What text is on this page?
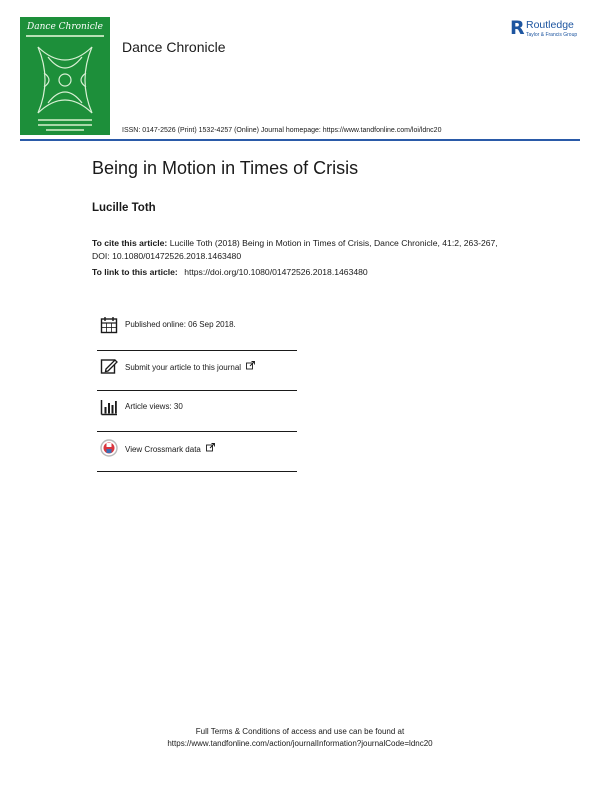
Dance Chronicle
Dance Chronicle
R Routledge
Taylor & Francis Group
ISSN: 0147-2526 (Print) 1532-4257 (Online) Journal homepage: https://www.tandfonline.com/loi/ldnc20
Being in Motion in Times of Crisis
Lucille Toth
To cite this article: Lucille Toth (2018) Being in Motion in Times of Crisis, Dance Chronicle, 41:2, 263-267, DOI: 10.1080/01472526.2018.1463480
To link to this article: https://doi.org/10.1080/01472526.2018.1463480
Published online: 06 Sep 2018.
Submit your article to this journal
Article views: 30
View Crossmark data
Full Terms & Conditions of access and use can be found at
https://www.tandfonline.com/action/journalInformation?journalCode=ldnc20
